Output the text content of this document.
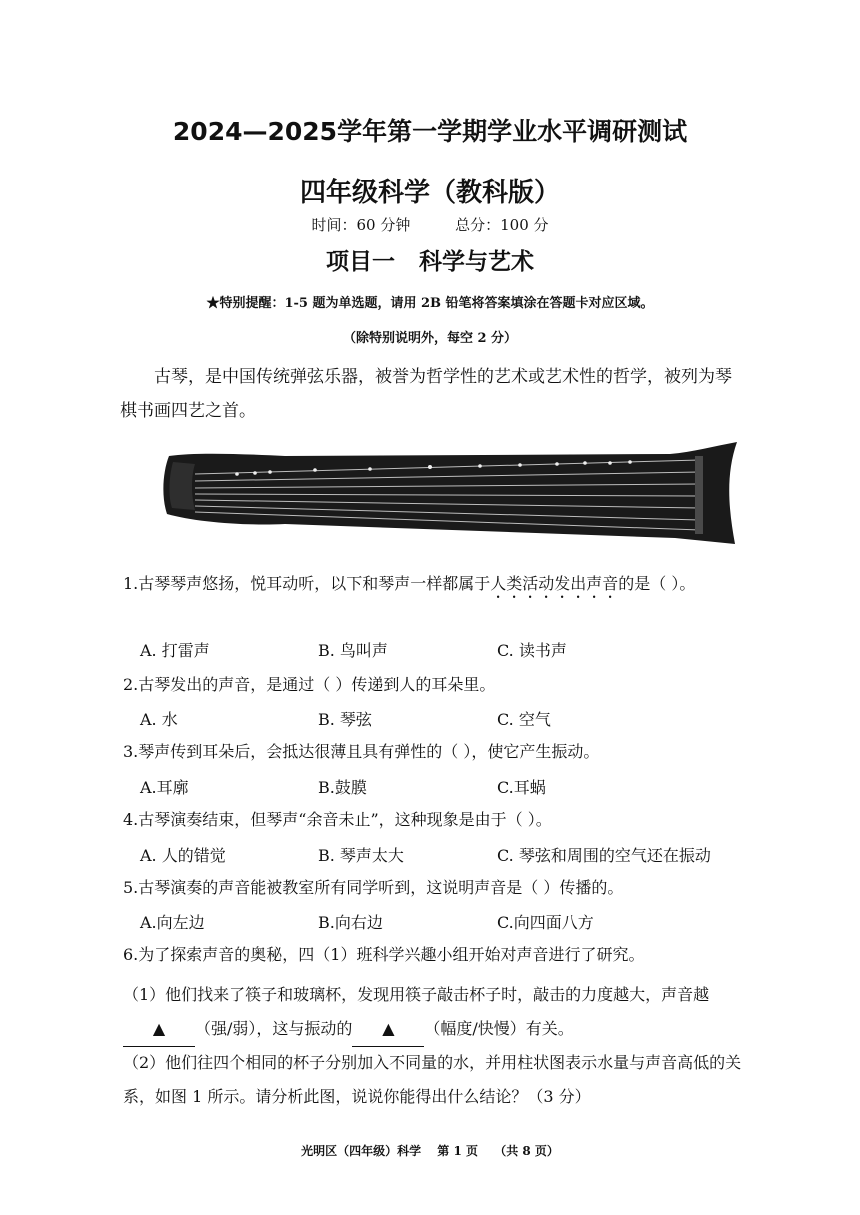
2024—2025学年第一学期学业水平调研测试
四年级科学（教科版）
时间：60 分钟	总分：100 分
项目一   科学与艺术
★特别提醒：1-5 题为单选题，请用 2B 铅笔将答案填涂在答题卡对应区域。
（除特别说明外，每空 2 分）
古琴，是中国传统弹弦乐器，被誉为哲学性的艺术或艺术性的哲学，被列为琴棋书画四艺之首。
1.古琴琴声悠扬，悦耳动听，以下和琴声一样都属于人类活动发出声音的是（ ）。
A. 打雷声	B. 鸟叫声	C. 读书声
2.古琴发出的声音，是通过（ ）传递到人的耳朵里。
A. 水	B. 琴弦	C. 空气
3.琴声传到耳朵后，会抵达很薄且具有弹性的（ ），使它产生振动。
A.耳廓	B.鼓膜	C.耳蜗
4.古琴演奏结束，但琴声“余音未止”，这种现象是由于（ ）。
A. 人的错觉	B. 琴声太大	C. 琴弦和周围的空气还在振动
5.古琴演奏的声音能被教室所有同学听到，这说明声音是（ ）传播的。
A.向左边	B.向右边	C.向四面八方
6.为了探索声音的奥秘，四（1）班科学兴趣小组开始对声音进行了研究。
（1）他们找来了筷子和玻璃杯，发现用筷子敲击杯子时，敲击的力度越大，声音越▲ （强/弱），这与振动的 ▲ （幅度/快慢）有关。
（2）他们往四个相同的杯子分别加入不同量的水，并用柱状图表示水量与声音高低的关系，如图 1 所示。请分析此图，说说你能得出什么结论？（3 分）
光明区（四年级）科学 第 1 页 （共 8 页）
